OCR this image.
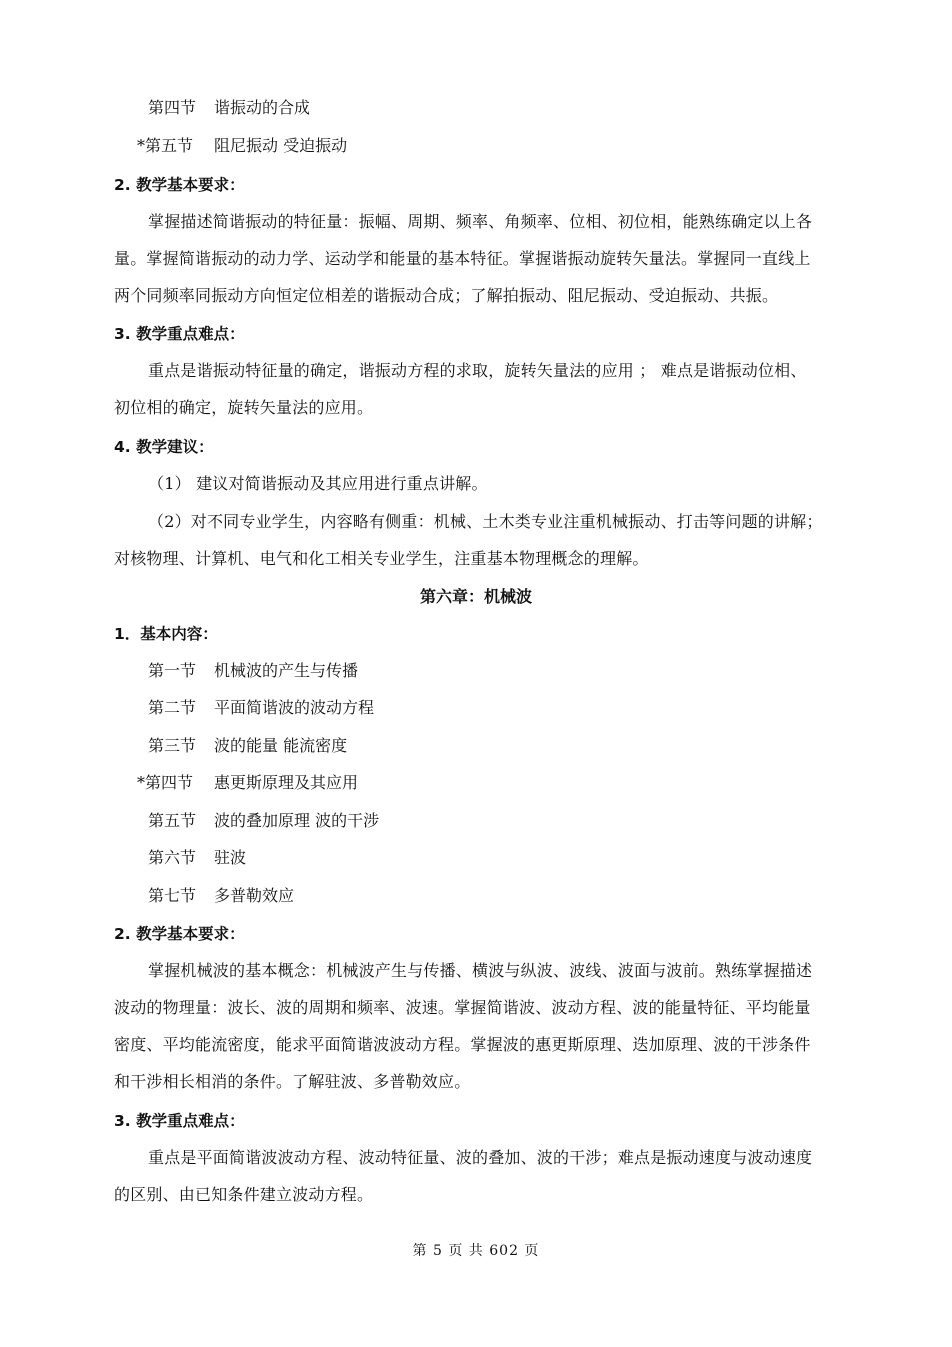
第四节 谐振动的合成
*第五节 阻尼振动 受迫振动
2. 教学基本要求：
掌握描述简谐振动的特征量：振幅、周期、频率、角频率、位相、初位相，能熟练确定以上各
量。掌握简谐振动的动力学、运动学和能量的基本特征。掌握谐振动旋转矢量法。掌握同一直线上
两个同频率同振动方向恒定位相差的谐振动合成；了解拍振动、阻尼振动、受迫振动、共振。
3. 教学重点难点：
重点是谐振动特征量的确定，谐振动方程的求取，旋转矢量法的应用 ； 难点是谐振动位相、
初位相的确定，旋转矢量法的应用。
4. 教学建议：
（1） 建议对简谐振动及其应用进行重点讲解。
（2）对不同专业学生，内容略有侧重：机械、土木类专业注重机械振动、打击等问题的讲解；
对核物理、计算机、电气和化工相关专业学生，注重基本物理概念的理解。
第六章：机械波
1．基本内容：
第一节 机械波的产生与传播
第二节 平面简谐波的波动方程
第三节 波的能量 能流密度
*第四节 惠更斯原理及其应用
第五节 波的叠加原理 波的干涉
第六节 驻波
第七节 多普勒效应
2. 教学基本要求：
掌握机械波的基本概念：机械波产生与传播、横波与纵波、波线、波面与波前。熟练掌握描述
波动的物理量：波长、波的周期和频率、波速。掌握简谐波、波动方程、波的能量特征、平均能量
密度、平均能流密度，能求平面简谐波波动方程。掌握波的惠更斯原理、迭加原理、波的干涉条件
和干涉相长相消的条件。了解驻波、多普勒效应。
3. 教学重点难点：
重点是平面简谐波波动方程、波动特征量、波的叠加、波的干涉；难点是振动速度与波动速度
的区别、由已知条件建立波动方程。
第 5 页 共 602 页
